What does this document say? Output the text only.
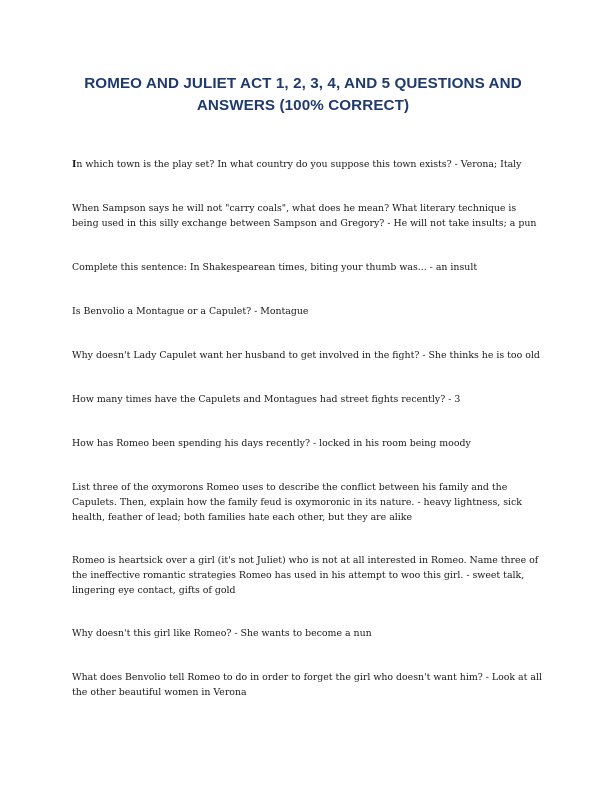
ROMEO AND JULIET ACT 1, 2, 3, 4, AND 5 QUESTIONS AND ANSWERS (100% CORRECT)

In which town is the play set? In what country do you suppose this town exists? - Verona; Italy

When Sampson says he will not "carry coals", what does he mean? What literary technique is being used in this silly exchange between Sampson and Gregory? - He will not take insults; a pun

Complete this sentence: In Shakespearean times, biting your thumb was... - an insult

Is Benvolio a Montague or a Capulet? - Montague

Why doesn't Lady Capulet want her husband to get involved in the fight? - She thinks he is too old

How many times have the Capulets and Montagues had street fights recently? - 3

How has Romeo been spending his days recently? - locked in his room being moody

List three of the oxymorons Romeo uses to describe the conflict between his family and the Capulets. Then, explain how the family feud is oxymoronic in its nature. - heavy lightness, sick health, feather of lead; both families hate each other, but they are alike

Romeo is heartsick over a girl (it's not Juliet) who is not at all interested in Romeo. Name three of the ineffective romantic strategies Romeo has used in his attempt to woo this girl. - sweet talk, lingering eye contact, gifts of gold

Why doesn't this girl like Romeo? - She wants to become a nun

What does Benvolio tell Romeo to do in order to forget the girl who doesn't want him? - Look at all the other beautiful women in Verona
